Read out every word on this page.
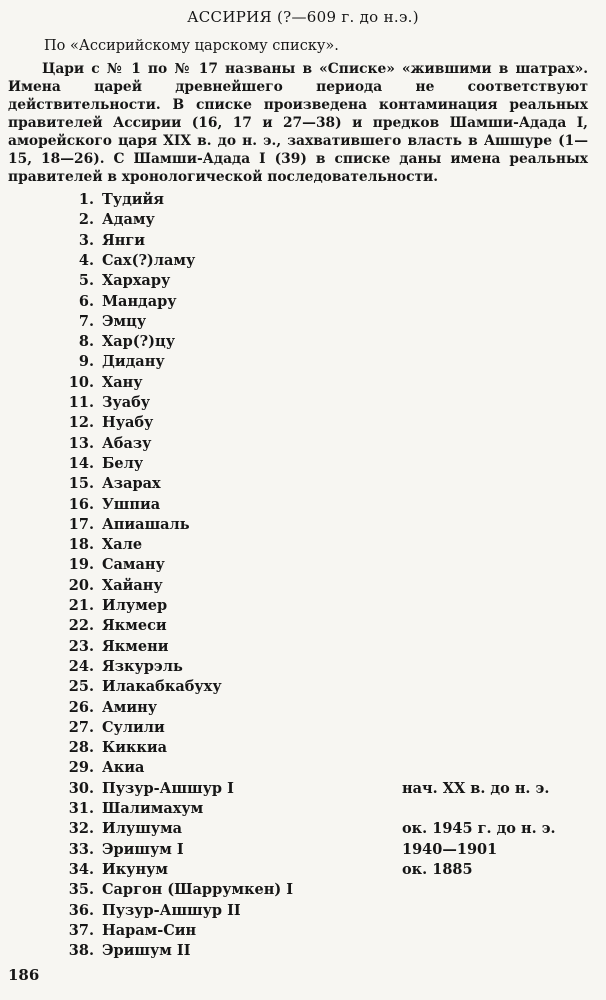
АССИРИЯ (?—609 г. до н.э.)
По «Ассирийскому царскому списку».

Цари с № 1 по № 17 названы в «Списке» «жившими в шатрах». Имена царей древнейшего периода не соответствуют действительности. В списке произведена контаминация реальных правителей Ассирии (16, 17 и 27—38) и предков Шамши-Адада I, аморейского царя XIX в. до н. э., захватившего власть в Ашшуре (1—15, 18—26). С Шамши-Адада I (39) в списке даны имена реальных правителей в хронологической последовательности.

1. Тудийя
2. Адаму
3. Янги
4. Сах(?)ламу
5. Хархару
6. Мандару
7. Эмцу
8. Хар(?)цу
9. Дидану
10. Хану
11. Зуабу
12. Нуабу
13. Абазу
14. Белу
15. Азарах
16. Ушпиа
17. Апиашаль
18. Хале
19. Саману
20. Хайану
21. Илумер
22. Якмеси
23. Якмени
24. Язкурэль
25. Илакабкабуху
26. Амину
27. Сулили
28. Киккиа
29. Акиа
30. Пузур-Ашшур I	нач. XX в. до н. э.
31. Шалимахум
32. Илушума	ок. 1945 г. до н. э.
33. Эришум I	1940—1901
34. Икунум	ок. 1885
35. Саргон (Шаррумкен) I
36. Пузур-Ашшур II
37. Нарам-Син
38. Эришум II
186
